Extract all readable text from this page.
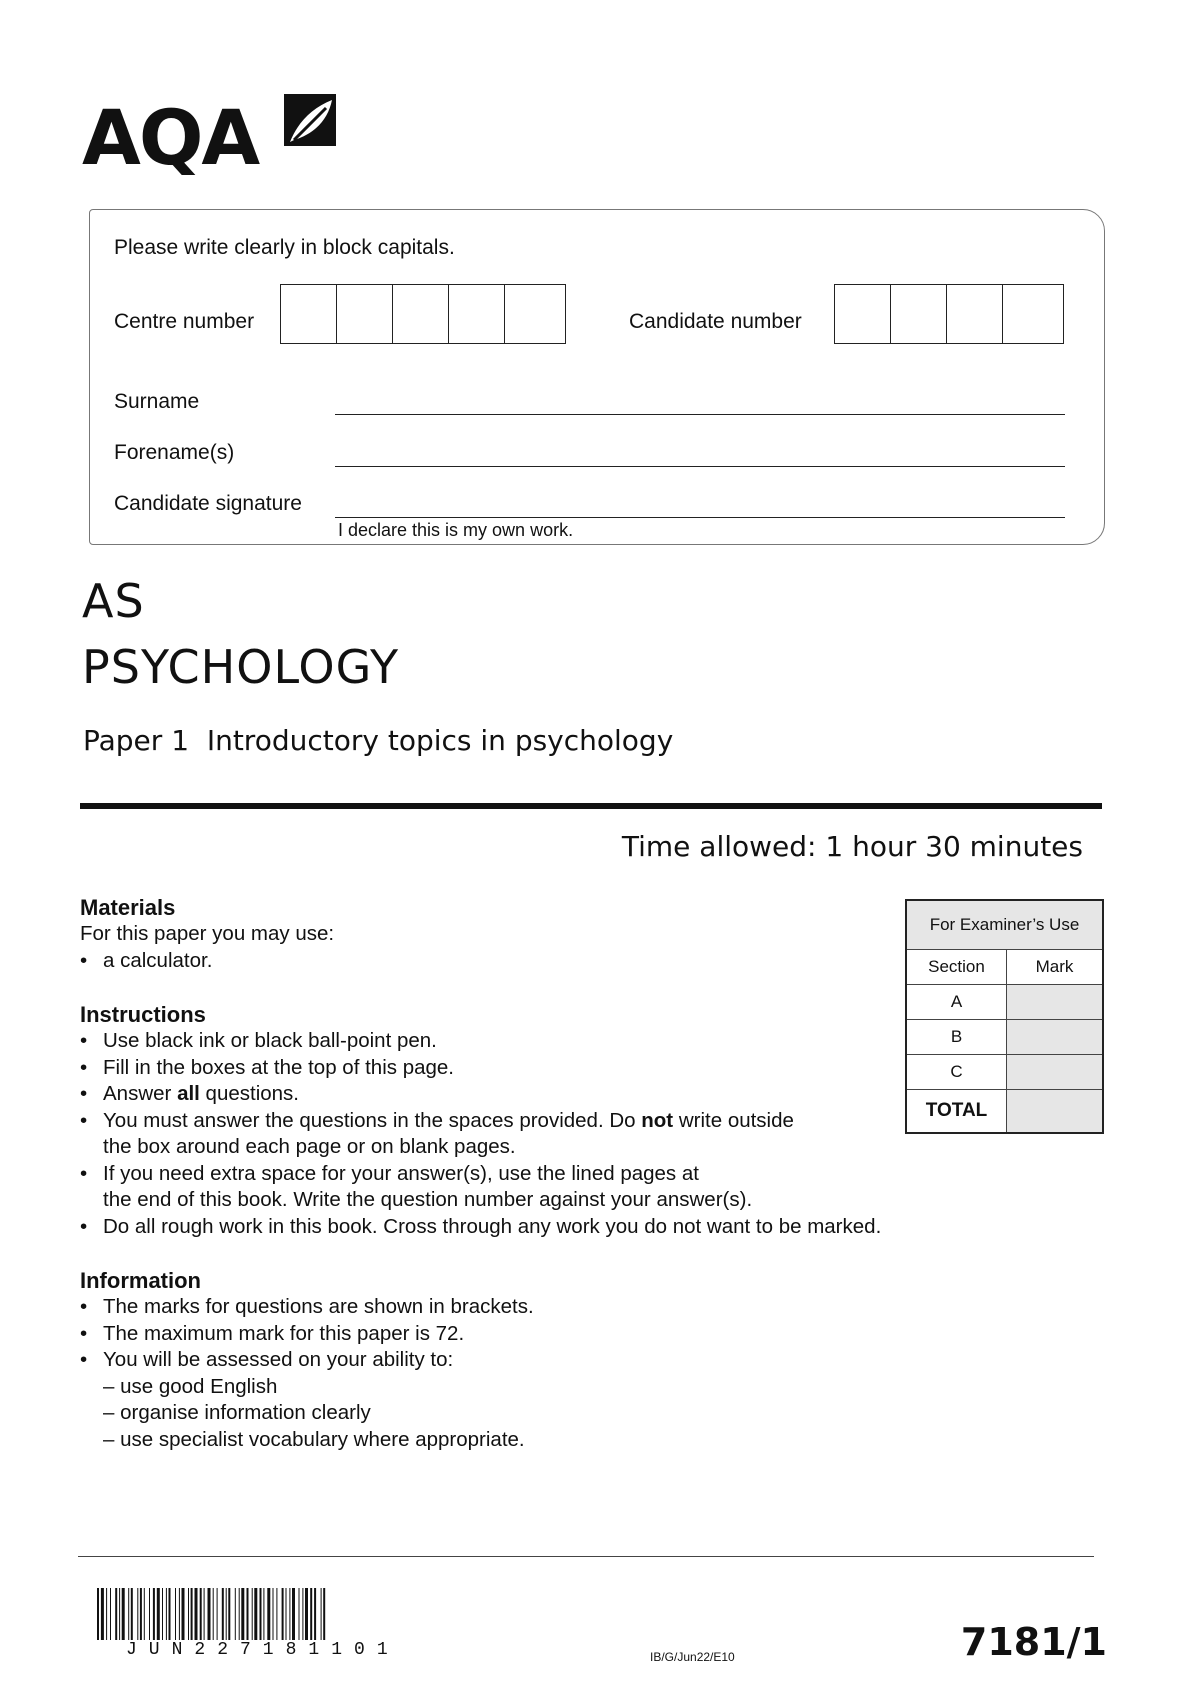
AQA
Please write clearly in block capitals.
Centre number	Candidate number
Surname
Forename(s)
Candidate signature
I declare this is my own work.
AS
PSYCHOLOGY
Paper 1 Introductory topics in psychology
Time allowed: 1 hour 30 minutes
Materials
For this paper you may use:
• a calculator.
Instructions
• Use black ink or black ball-point pen.
• Fill in the boxes at the top of this page.
• Answer all questions.
• You must answer the questions in the spaces provided. Do not write outside
the box around each page or on blank pages.
• If you need extra space for your answer(s), use the lined pages at
the end of this book. Write the question number against your answer(s).
• Do all rough work in this book. Cross through any work you do not want to be marked.
Information
• The marks for questions are shown in brackets.
• The maximum mark for this paper is 72.
• You will be assessed on your ability to:
– use good English
– organise information clearly
– use specialist vocabulary where appropriate.
For Examiner’s Use
Section	Mark
A
B
C
TOTAL
JUN227181101	IB/G/Jun22/E10	7181/1
